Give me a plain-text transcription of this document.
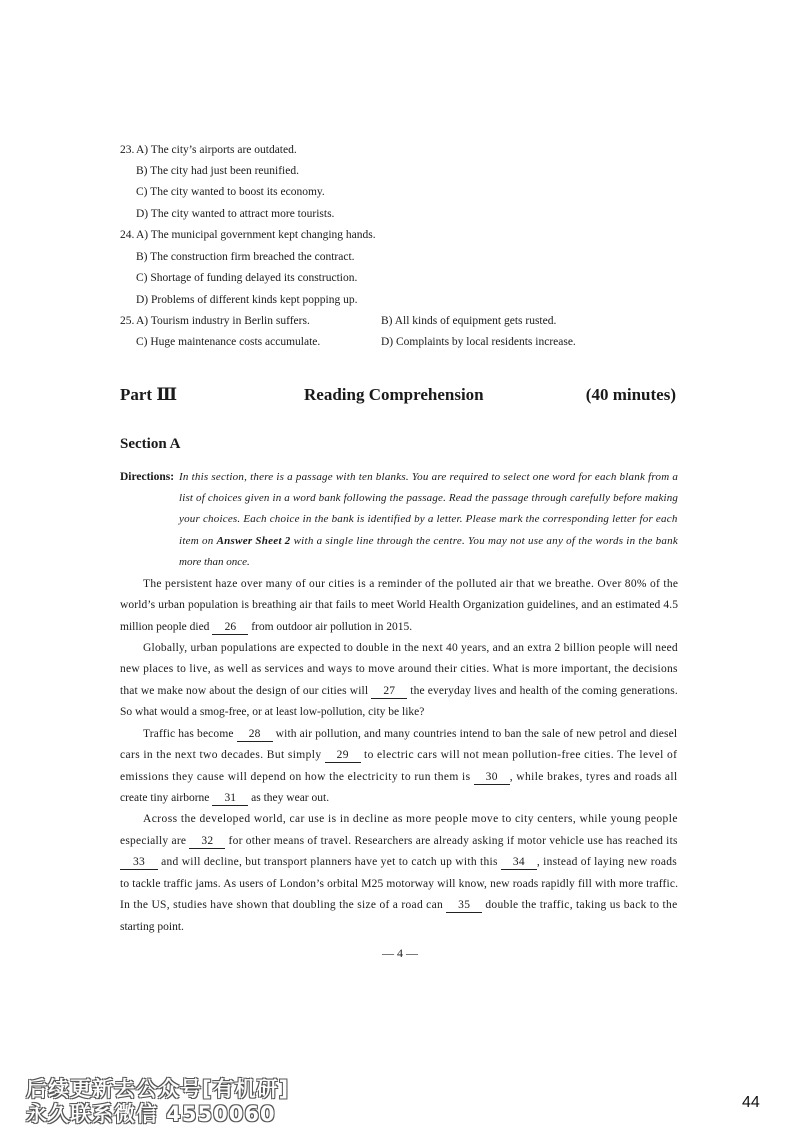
23. A) The city’s airports are outdated.
B) The city had just been reunified.
C) The city wanted to boost its economy.
D) The city wanted to attract more tourists.
24. A) The municipal government kept changing hands.
B) The construction firm breached the contract.
C) Shortage of funding delayed its construction.
D) Problems of different kinds kept popping up.
25. A) Tourism industry in Berlin suffers.	B) All kinds of equipment gets rusted.
C) Huge maintenance costs accumulate.	D) Complaints by local residents increase.
Part Ⅲ	Reading Comprehension	(40 minutes)
Section A
Directions: In this section, there is a passage with ten blanks. You are required to select one word for each blank from a
list of choices given in a word bank following the passage. Read the passage through carefully before making
your choices. Each choice in the bank is identified by a letter. Please mark the corresponding letter for each
item on Answer Sheet 2 with a single line through the centre. You may not use any of the words in the bank
more than once.
The persistent haze over many of our cities is a reminder of the polluted air that we breathe. Over 80% of the
world’s urban population is breathing air that fails to meet World Health Organization guidelines, and an estimated 4.5
million people died 26 from outdoor air pollution in 2015.
Globally, urban populations are expected to double in the next 40 years, and an extra 2 billion people will need
new places to live, as well as services and ways to move around their cities. What is more important, the decisions
that we make now about the design of our cities will 27 the everyday lives and health of the coming generations.
So what would a smog-free, or at least low-pollution, city be like?
Traffic has become 28 with air pollution, and many countries intend to ban the sale of new petrol and diesel
cars in the next two decades. But simply 29 to electric cars will not mean pollution-free cities. The level of
emissions they cause will depend on how the electricity to run them is 30 , while brakes, tyres and roads all
create tiny airborne 31 as they wear out.
Across the developed world, car use is in decline as more people move to city centers, while young people
especially are 32 for other means of travel. Researchers are already asking if motor vehicle use has reached its
33 and will decline, but transport planners have yet to catch up with this 34 , instead of laying new roads
to tackle traffic jams. As users of London’s orbital M25 motorway will know, new roads rapidly fill with more traffic.
In the US, studies have shown that doubling the size of a road can 35 double the traffic, taking us back to the
starting point.
— 4 —
后续更新去公众号[有机研]
永久联系微信 4550060	44
